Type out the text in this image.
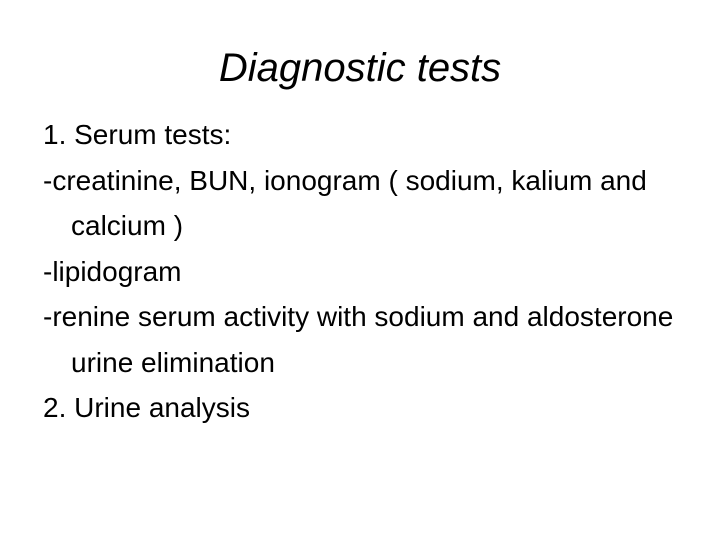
Diagnostic tests
1. Serum tests:
-creatinine, BUN, ionogram ( sodium, kalium and calcium )
-lipidogram
-renine serum activity with sodium and aldosterone urine elimination
2. Urine analysis
